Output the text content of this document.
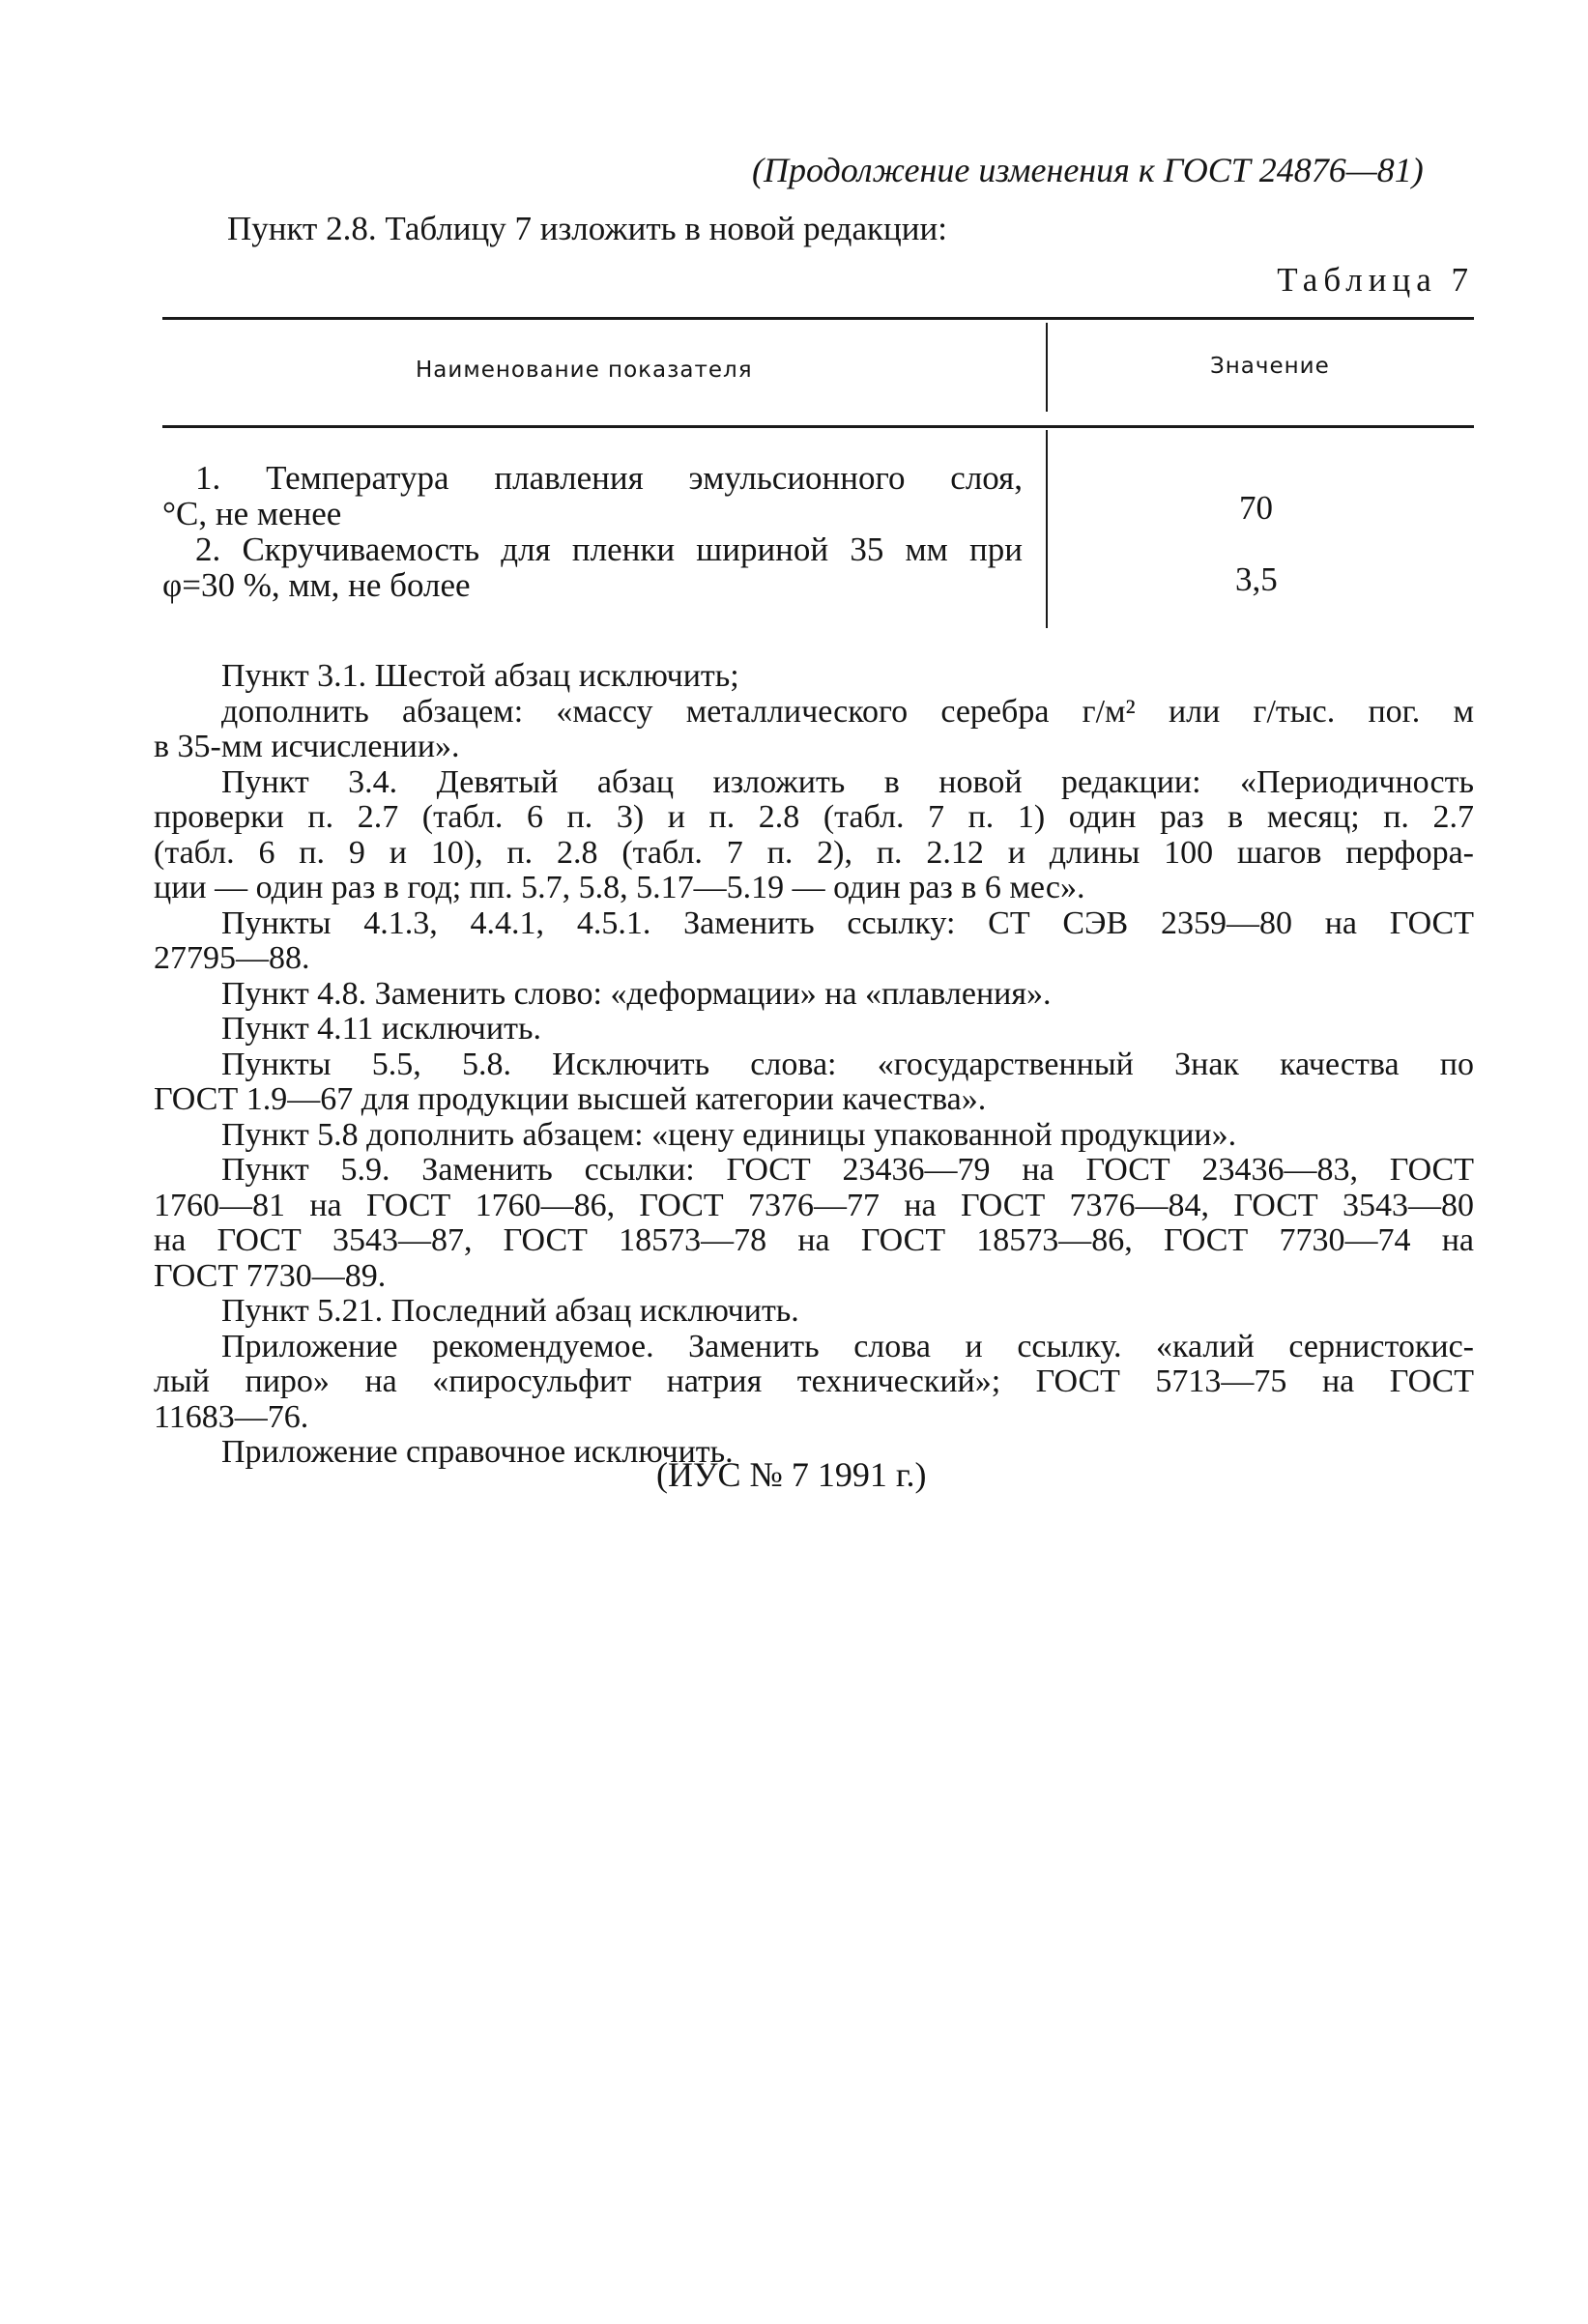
(Продолжение изменения к ГОСТ 24876—81)
Пункт 2.8. Таблицу 7 изложить в новой редакции:
Таблица 7
Наименование показателя	Значение
1. Температура плавления эмульсионного слоя,
°С, не менее	70
2. Скручиваемость для пленки шириной 35 мм при
φ=30 %, мм, не более	3,5
Пункт 3.1. Шестой абзац исключить;
дополнить абзацем: «массу металлического серебра г/м² или г/тыс. пог. м
в 35-мм исчислении».
Пункт 3.4. Девятый абзац изложить в новой редакции: «Периодичность
проверки п. 2.7 (табл. 6 п. 3) и п. 2.8 (табл. 7 п. 1) один раз в месяц; п. 2.7
(табл. 6 п. 9 и 10), п. 2.8 (табл. 7 п. 2), п. 2.12 и длины 100 шагов перфора-
ции — один раз в год; пп. 5.7, 5.8, 5.17—5.19 — один раз в 6 мес».
Пункты 4.1.3, 4.4.1, 4.5.1. Заменить ссылку: СТ СЭВ 2359—80 на ГОСТ
27795—88.
Пункт 4.8. Заменить слово: «деформации» на «плавления».
Пункт 4.11 исключить.
Пункты 5.5, 5.8. Исключить слова: «государственный Знак качества по
ГОСТ 1.9—67 для продукции высшей категории качества».
Пункт 5.8 дополнить абзацем: «цену единицы упакованной продукции».
Пункт 5.9. Заменить ссылки: ГОСТ 23436—79 на ГОСТ 23436—83, ГОСТ
1760—81 на ГОСТ 1760—86, ГОСТ 7376—77 на ГОСТ 7376—84, ГОСТ 3543—80
на ГОСТ 3543—87, ГОСТ 18573—78 на ГОСТ 18573—86, ГОСТ 7730—74 на
ГОСТ 7730—89.
Пункт 5.21. Последний абзац исключить.
Приложение рекомендуемое. Заменить слова и ссылку. «калий сернистокис-
лый пиро» на «пиросульфит натрия технический»; ГОСТ 5713—75 на ГОСТ
11683—76.
Приложение справочное исключить.
(ИУС № 7 1991 г.)
